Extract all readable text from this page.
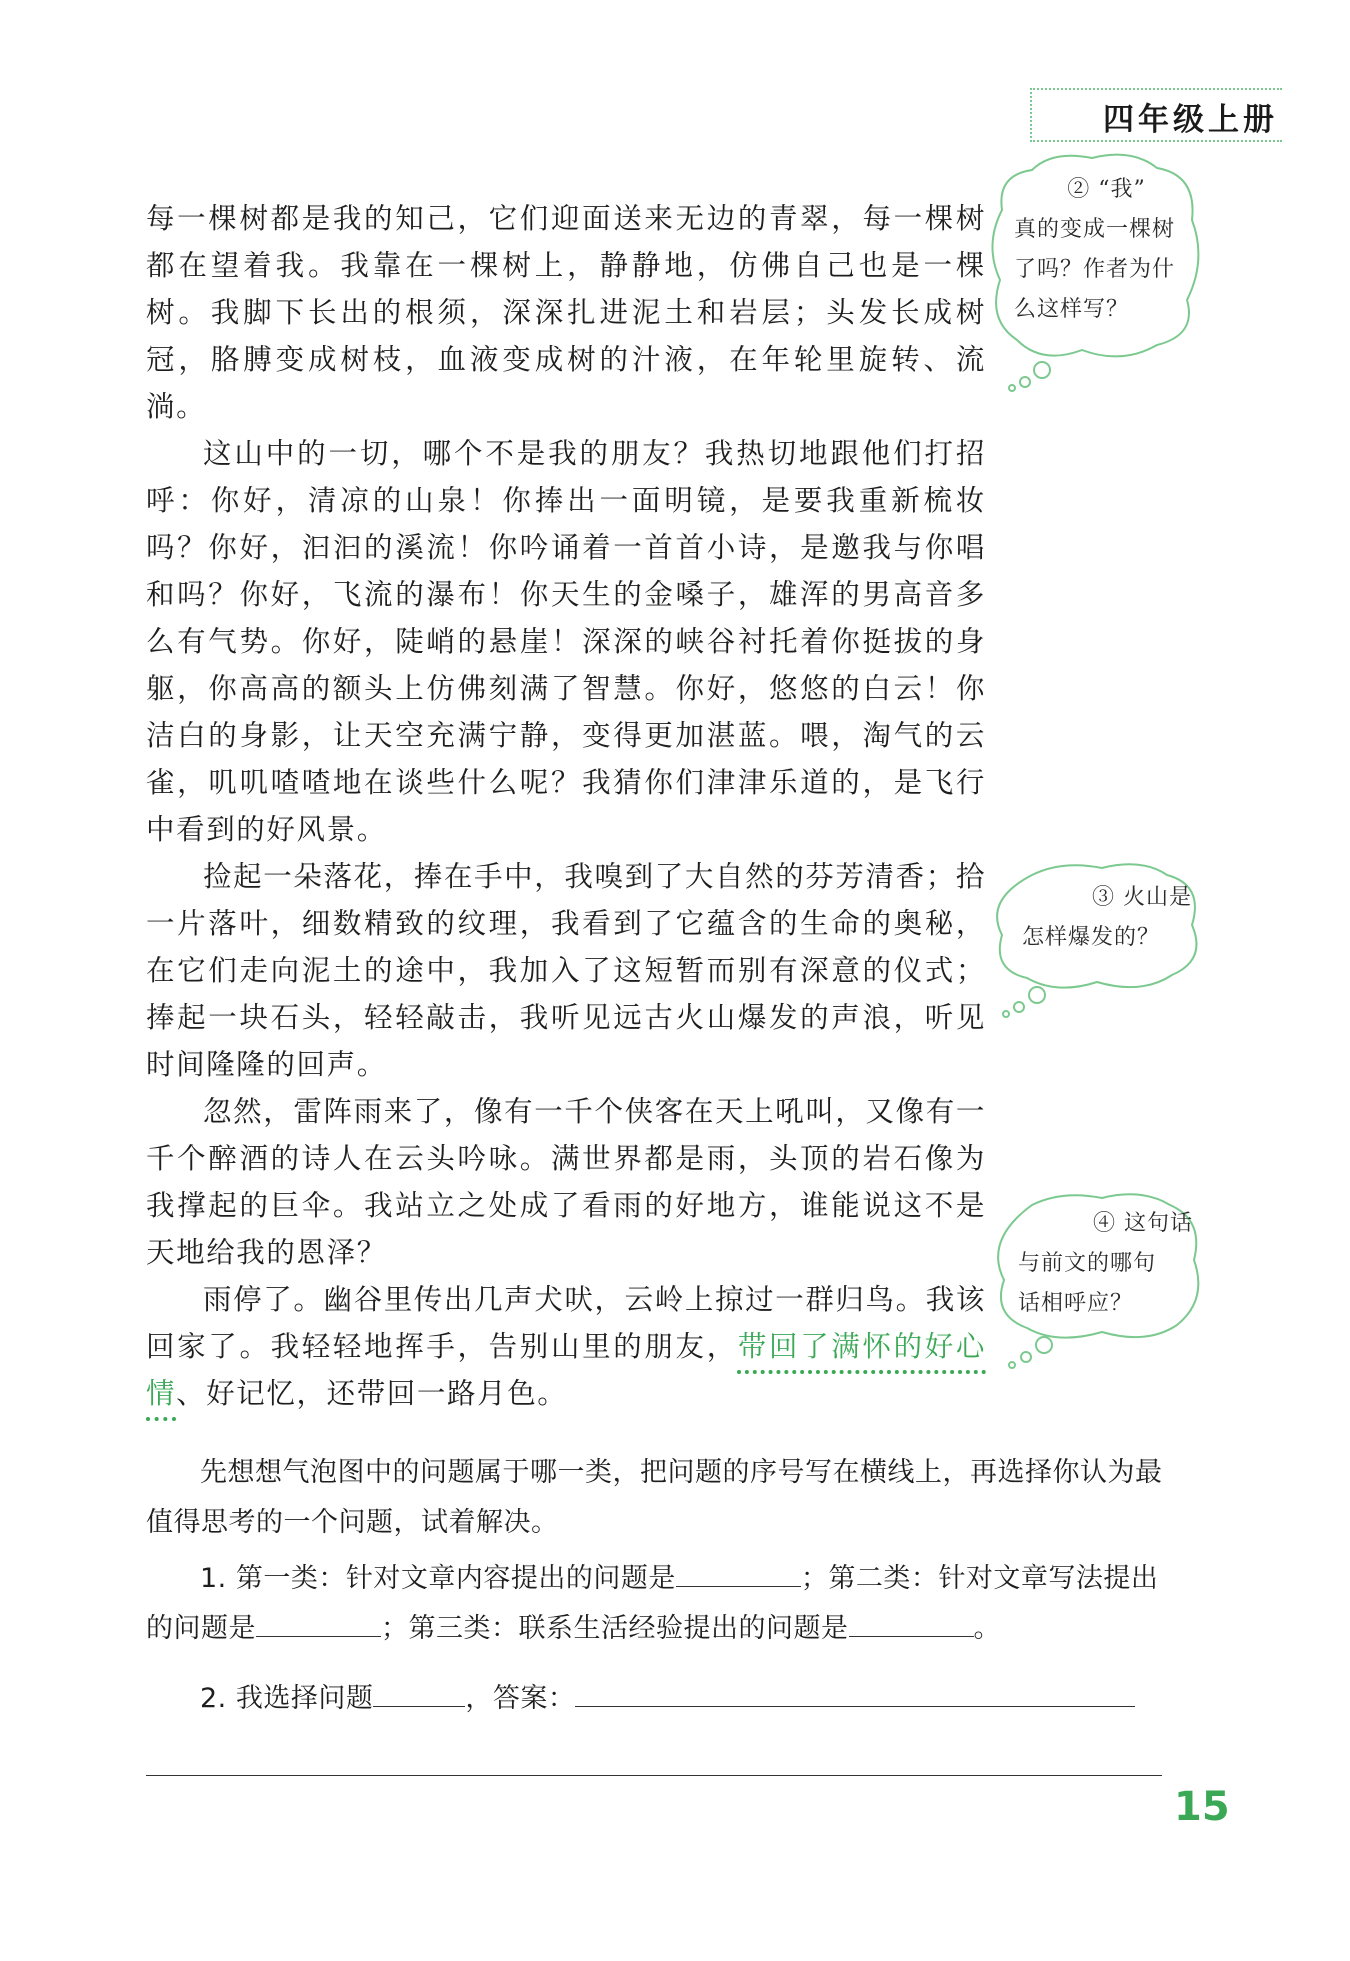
四年级上册

每一棵树都是我的知己，它们迎面送来无边的青翠，每一棵树都在望着我。我靠在一棵树上，静静地，仿佛自己也是一棵树。我脚下长出的根须，深深扎进泥土和岩层；头发长成树冠，胳膊变成树枝，血液变成树的汁液，在年轮里旋转、流淌。

这山中的一切，哪个不是我的朋友？我热切地跟他们打招呼：你好，清凉的山泉！你捧出一面明镜，是要我重新梳妆吗？你好，汩汩的溪流！你吟诵着一首首小诗，是邀我与你唱和吗？你好，飞流的瀑布！你天生的金嗓子，雄浑的男高音多么有气势。你好，陡峭的悬崖！深深的峡谷衬托着你挺拔的身躯，你高高的额头上仿佛刻满了智慧。你好，悠悠的白云！你洁白的身影，让天空充满宁静，变得更加湛蓝。喂，淘气的云雀，叽叽喳喳地在谈些什么呢？我猜你们津津乐道的，是飞行中看到的好风景。

捡起一朵落花，捧在手中，我嗅到了大自然的芬芳清香；拾一片落叶，细数精致的纹理，我看到了它蕴含的生命的奥秘，在它们走向泥土的途中，我加入了这短暂而别有深意的仪式；捧起一块石头，轻轻敲击，我听见远古火山爆发的声浪，听见时间隆隆的回声。

忽然，雷阵雨来了，像有一千个侠客在天上吼叫，又像有一千个醉酒的诗人在云头吟咏。满世界都是雨，头顶的岩石像为我撑起的巨伞。我站立之处成了看雨的好地方，谁能说这不是天地给我的恩泽？

雨停了。幽谷里传出几声犬吠，云岭上掠过一群归鸟。我该回家了。我轻轻地挥手，告别山里的朋友，带回了满怀的好心情、好记忆，还带回一路月色。

② “我”
真的变成一棵树
了吗？作者为什
么这样写？
③ 火山是
怎样爆发的？
④ 这句话
与前文的哪句
话相呼应？

先想想气泡图中的问题属于哪一类，把问题的序号写在横线上，再选择你认为最值得思考的一个问题，试着解决。

1. 第一类：针对文章内容提出的问题是	；第二类：针对文章写法提出的问题是	；第三类：联系生活经验提出的问题是	。

2. 我选择问题	，答案：

15
